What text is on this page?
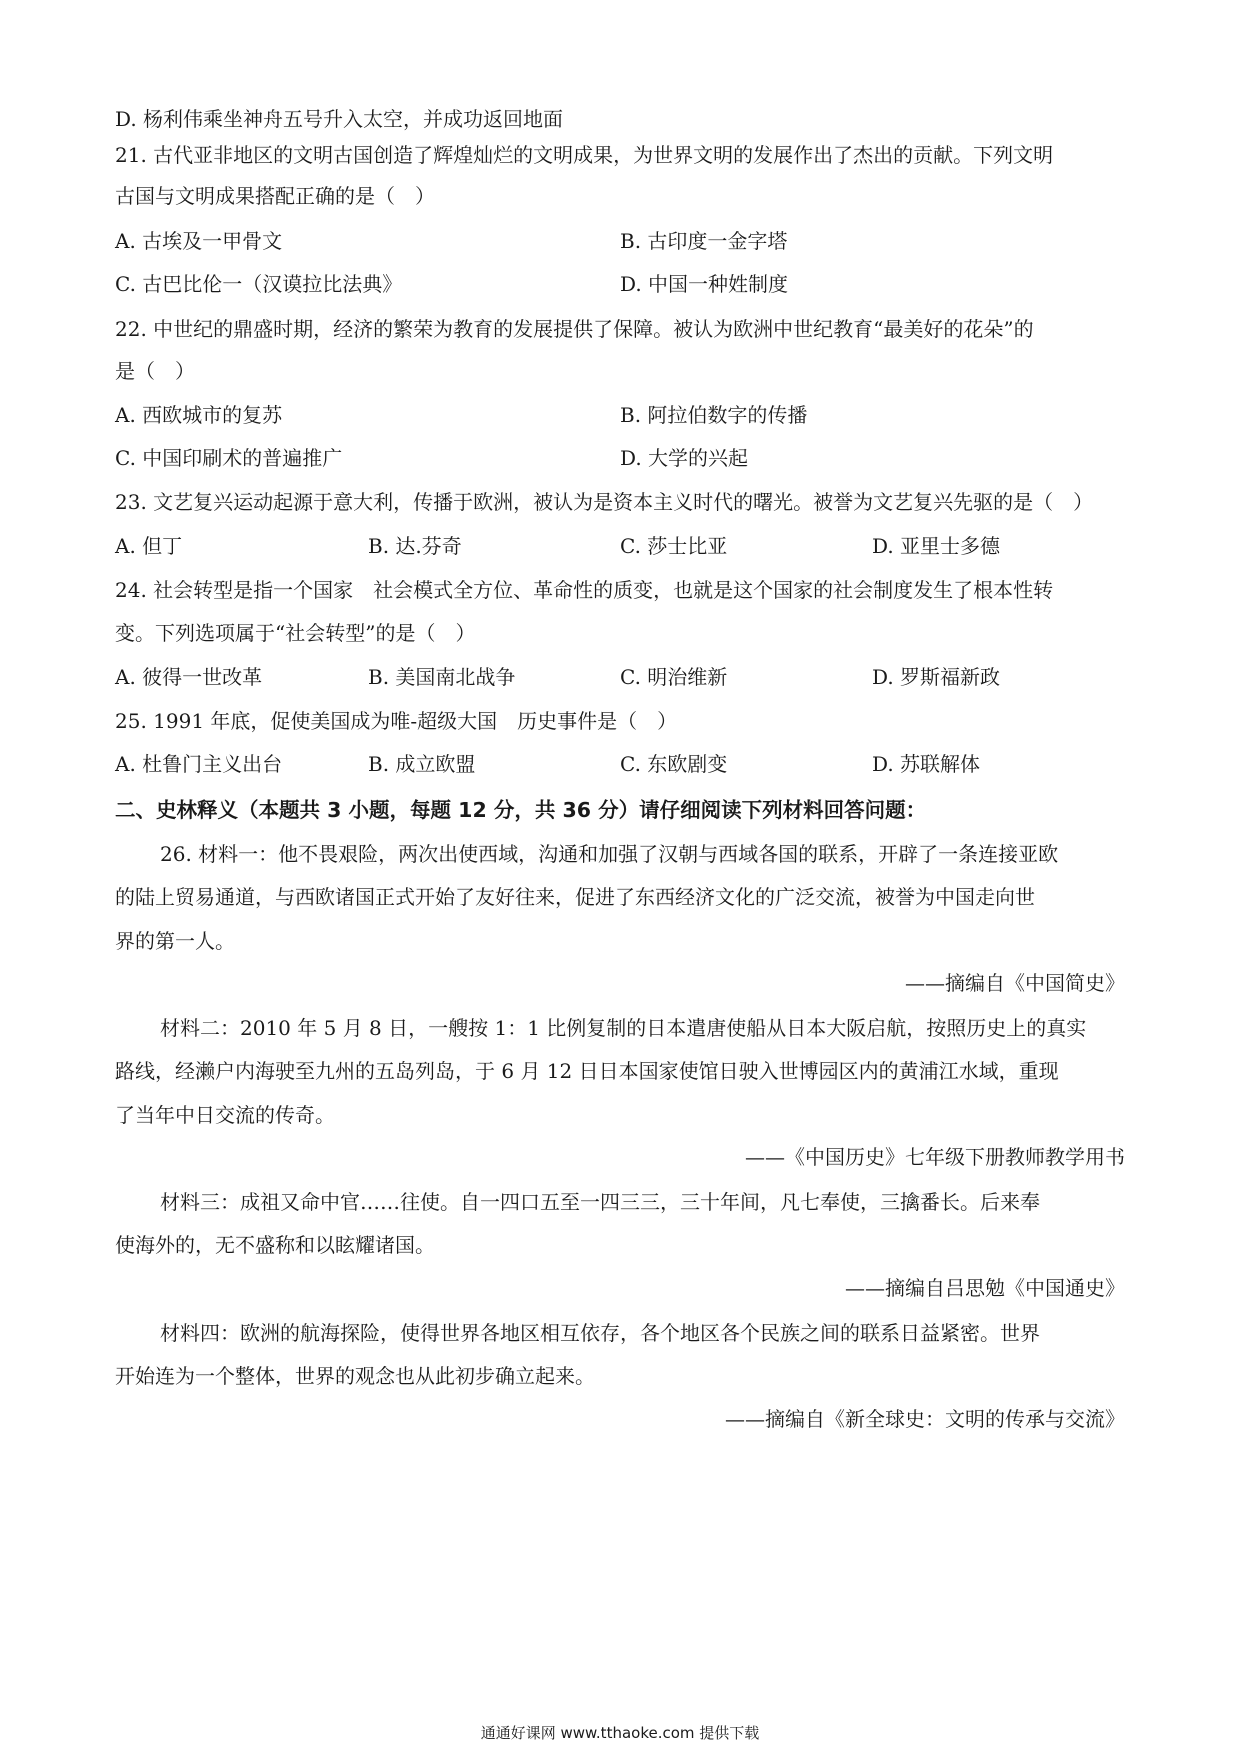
D. 杨利伟乘坐神舟五号升入太空，并成功返回地面
21. 古代亚非地区的文明古国创造了辉煌灿烂的文明成果，为世界文明的发展作出了杰出的贡献。下列文明
古国与文明成果搭配正确的是（　）
A. 古埃及一甲骨文	B. 古印度一金字塔
C. 古巴比伦一（汉谟拉比法典》	D. 中国一种姓制度
22. 中世纪的鼎盛时期，经济的繁荣为教育的发展提供了保障。被认为欧洲中世纪教育“最美好的花朵”的
是（　）
A. 西欧城市的复苏	B. 阿拉伯数字的传播
C. 中国印刷术的普遍推广	D. 大学的兴起
23. 文艺复兴运动起源于意大利，传播于欧洲，被认为是资本主义时代的曙光。被誉为文艺复兴先驱的是（　）
A. 但丁	B. 达.芬奇	C. 莎士比亚	D. 亚里士多德
24. 社会转型是指一个国家　社会模式全方位、革命性的质变，也就是这个国家的社会制度发生了根本性转
变。下列选项属于“社会转型”的是（　）
A. 彼得一世改革	B. 美国南北战争	C. 明治维新	D. 罗斯福新政
25. 1991 年底，促使美国成为唯-超级大国　历史事件是（　）
A. 杜鲁门主义出台	B. 成立欧盟	C. 东欧剧变	D. 苏联解体
二、史林释义（本题共 3 小题，每题 12 分，共 36 分）请仔细阅读下列材料回答问题：
26. 材料一：他不畏艰险，两次出使西域，沟通和加强了汉朝与西域各国的联系，开辟了一条连接亚欧
的陆上贸易通道，与西欧诸国正式开始了友好往来，促进了东西经济文化的广泛交流，被誉为中国走向世
界的第一人。
——摘编自《中国简史》
材料二：2010 年 5 月 8 日，一艘按 1：1 比例复制的日本遣唐使船从日本大阪启航，按照历史上的真实
路线，经濑户内海驶至九州的五岛列岛，于 6 月 12 日日本国家使馆日驶入世博园区内的黄浦江水域，重现
了当年中日交流的传奇。
——《中国历史》七年级下册教师教学用书
材料三：成祖又命中官……往使。自一四口五至一四三三，三十年间，凡七奉使，三擒番长。后来奉
使海外的，无不盛称和以眩耀诸国。
——摘编自吕思勉《中国通史》
材料四：欧洲的航海探险，使得世界各地区相互依存，各个地区各个民族之间的联系日益紧密。世界
开始连为一个整体，世界的观念也从此初步确立起来。
——摘编自《新全球史：文明的传承与交流》
通通好课网 www.tthaoke.com 提供下载
